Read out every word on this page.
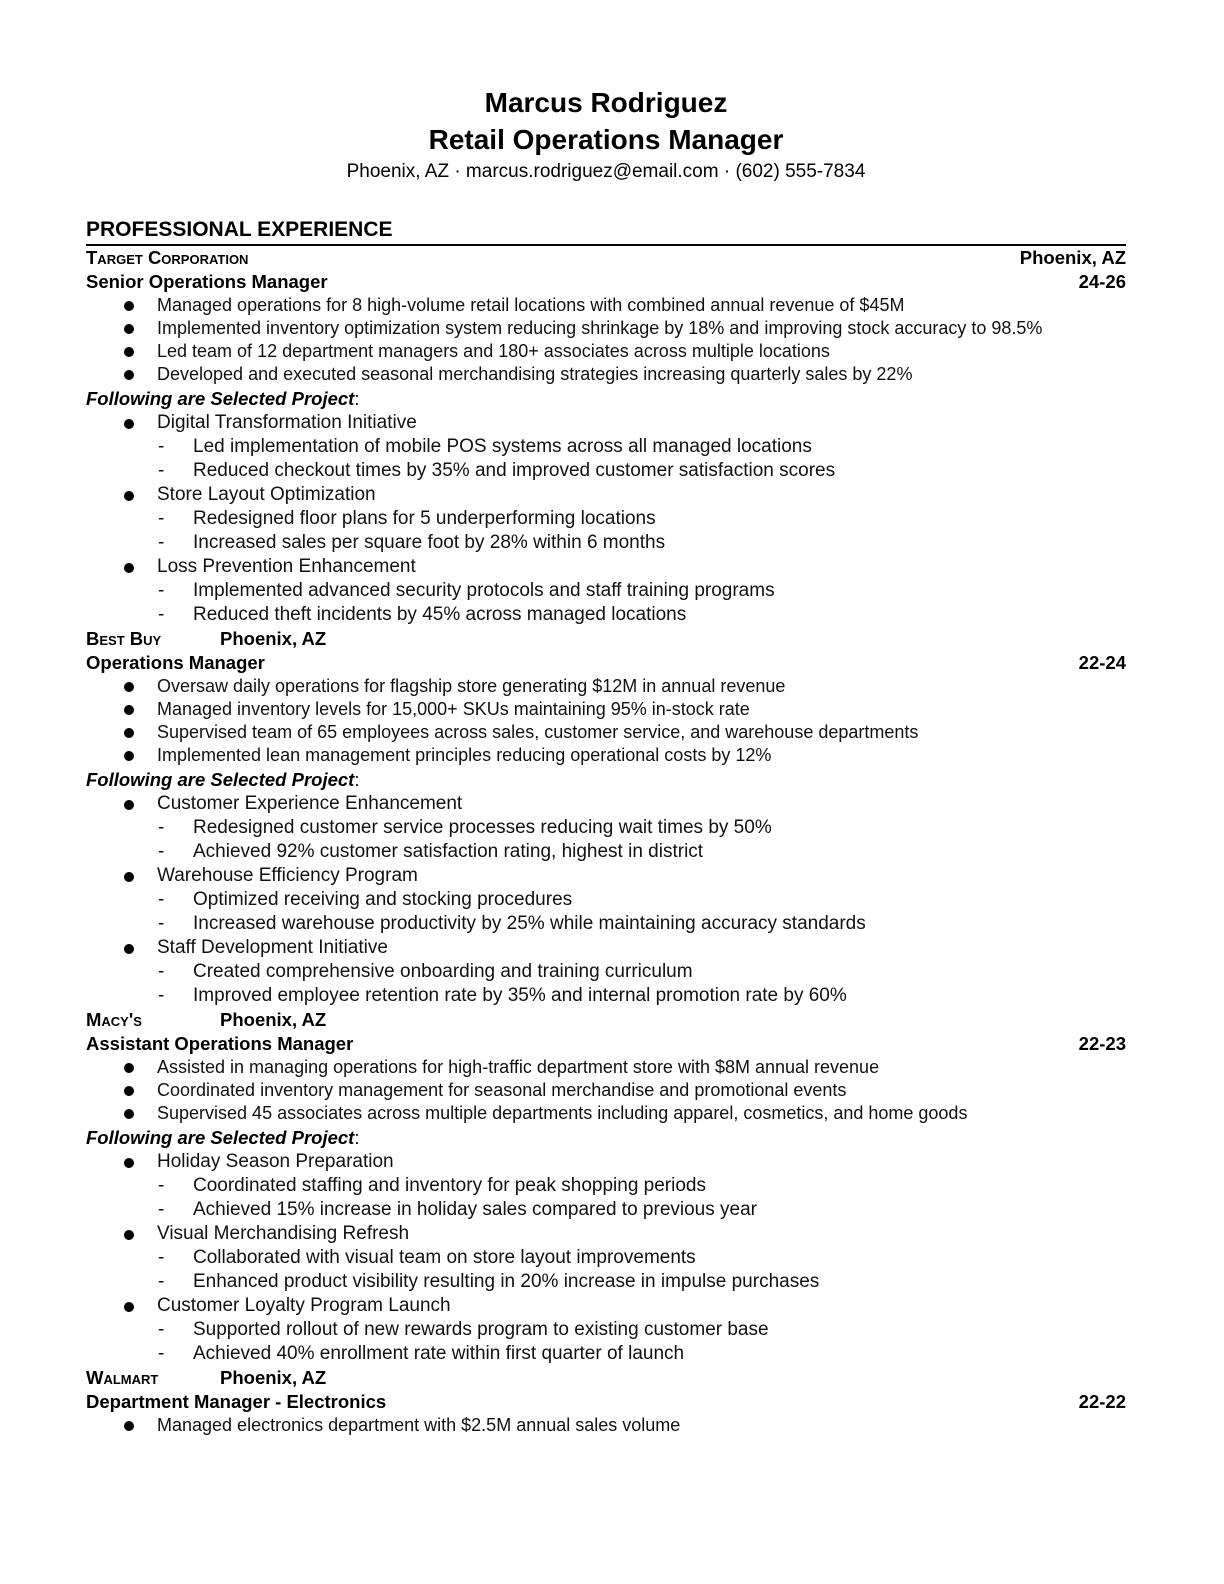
Marcus Rodriguez
Retail Operations Manager
Phoenix, AZ · marcus.rodriguez@email.com · (602) 555-7834
PROFESSIONAL EXPERIENCE
Target Corporation	Phoenix, AZ
Senior Operations Manager	24-26
Managed operations for 8 high-volume retail locations with combined annual revenue of $45M
Implemented inventory optimization system reducing shrinkage by 18% and improving stock accuracy to 98.5%
Led team of 12 department managers and 180+ associates across multiple locations
Developed and executed seasonal merchandising strategies increasing quarterly sales by 22%
Following are Selected Project:
Digital Transformation Initiative
- Led implementation of mobile POS systems across all managed locations
- Reduced checkout times by 35% and improved customer satisfaction scores
Store Layout Optimization
- Redesigned floor plans for 5 underperforming locations
- Increased sales per square foot by 28% within 6 months
Loss Prevention Enhancement
- Implemented advanced security protocols and staff training programs
- Reduced theft incidents by 45% across managed locations
Best Buy	Phoenix, AZ
Operations Manager	22-24
Oversaw daily operations for flagship store generating $12M in annual revenue
Managed inventory levels for 15,000+ SKUs maintaining 95% in-stock rate
Supervised team of 65 employees across sales, customer service, and warehouse departments
Implemented lean management principles reducing operational costs by 12%
Following are Selected Project:
Customer Experience Enhancement
- Redesigned customer service processes reducing wait times by 50%
- Achieved 92% customer satisfaction rating, highest in district
Warehouse Efficiency Program
- Optimized receiving and stocking procedures
- Increased warehouse productivity by 25% while maintaining accuracy standards
Staff Development Initiative
- Created comprehensive onboarding and training curriculum
- Improved employee retention rate by 35% and internal promotion rate by 60%
Macy's	Phoenix, AZ
Assistant Operations Manager	22-23
Assisted in managing operations for high-traffic department store with $8M annual revenue
Coordinated inventory management for seasonal merchandise and promotional events
Supervised 45 associates across multiple departments including apparel, cosmetics, and home goods
Following are Selected Project:
Holiday Season Preparation
- Coordinated staffing and inventory for peak shopping periods
- Achieved 15% increase in holiday sales compared to previous year
Visual Merchandising Refresh
- Collaborated with visual team on store layout improvements
- Enhanced product visibility resulting in 20% increase in impulse purchases
Customer Loyalty Program Launch
- Supported rollout of new rewards program to existing customer base
- Achieved 40% enrollment rate within first quarter of launch
Walmart	Phoenix, AZ
Department Manager - Electronics	22-22
Managed electronics department with $2.5M annual sales volume
